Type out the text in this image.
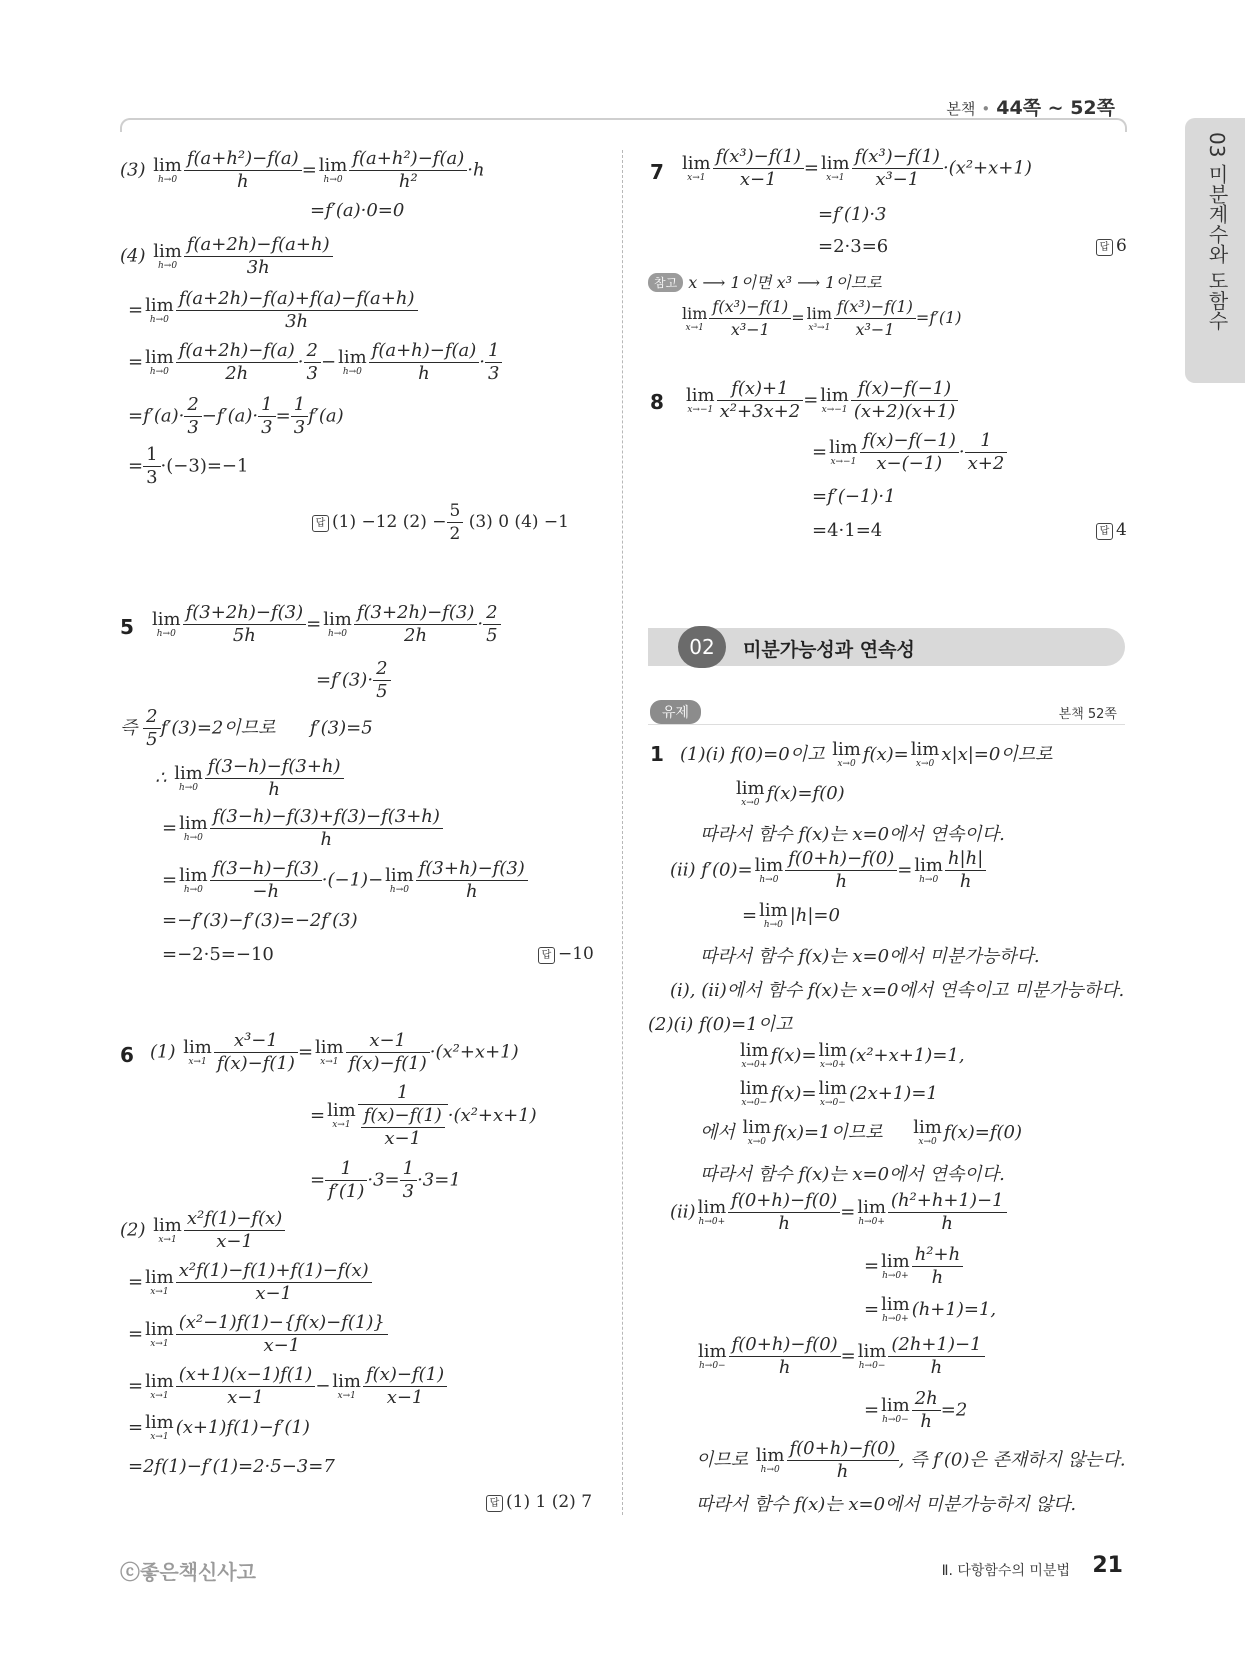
본책 • 44쪽 ~ 52쪽
03 미분계수와 도함수
(3) lim
$h\to 0 \frac{\text{f(a+h²)−f(a)}}{h} = \lim$
$h\to 0 \frac{\text{f(a+h²)−f(a)}}{\text{h²}} \cdot h$
=f′(a)·0=0
(4) lim
$h\to 0 \frac{f(a+2h)-f(a+h)}{3h}$
= lim
$h\to 0 \frac{f(a+2h)-f(a)+f(a)-f(a+h)}{3h}$
= lim
$h\to 0 \frac{f(a+2h)-f(a)}{2h} \cdot \frac{2}{3} - \lim$
$h\to 0 \frac{f(a+h)-f(a)}{h} \cdot \frac{1}{3}$
$=f'(a)\cdot \frac{2}{3} -f'(a)\cdot \frac{1}{3} = \frac{1}{3} f'(a)$
= $\frac{1}{3} \cdot(-3)=-1$
답 (1) −12 $(2) - \frac{5}{2} (3)$ 0 (4) −1
5 lim
$h\to 0 \frac{f(3+2h)-f(3)}{5h} = \lim$
$h\to 0 \frac{f(3+2h)-f(3)}{2h} \cdot \frac{2}{5}$
$=f'(3)\cdot \frac{2}{5}$
즉 $\frac{2}{5} f'(3)=2$이므로 f′(3)=5
∴ lim
$h\to 0 \frac{f(3-h)-f(3+h)}{h}$
= lim
$h\to 0 \frac{f(3-h)-f(3)+f(3)-f(3+h)}{h}$
= lim
$h\to 0 \frac{f(3-h)-f(3)}{-h} \cdot(-1)- \lim$
$h\to 0 \frac{f(3+h)-f(3)}{h}$
=−f′(3)−f′(3)=−2f′(3)
=−2·5=−10	답 −10
6 (1) lim
$x\to 1 \frac{\text{x³−1}}{f(x)-f(1)} = \lim$
$x\to 1 \frac{x-1}{f(x)-f(1)} \cdot(x^2+x+1)$
= lim
$x\to 1 \frac{1}{\frac{f(x)-f(1)}{x-1}} \cdot(x^2+x+1)$
= $\frac{1}{f'(1)} \cdot 3= \frac{1}{3} \cdot 3=1$
(2) lim
$x\to 1 \frac{\text{x²f(1)−f(x)}}{x-1}$
= lim
$x\to 1 \frac{\text{x²f(1)−f(1)+f(1)−f(x)}}{x-1}$
= lim
$x\to 1 \frac{\text{(x²−1)f(1)−\{f(x)−f(1)\}}}{x-1}$
= lim
$x\to 1 \frac{(x+1)(x-1)f(1)}{x-1} - \lim$
$x\to 1 \frac{f(x)-f(1)}{x-1}$
= lim
x→1 (x+1)f(1)−f′(1)
=2f(1)−f′(1)=2·5−3=7
답 (1) 1 (2) 7
7 lim
$x\to 1 \frac{\text{f(x³)−f(1)}}{x-1} = \lim$
$x\to 1 \frac{\text{f(x³)−f(1)}}{\text{x³−1}} \cdot(x^2+x+1)$
=f′(1)·3
=2·3=6	답 6
참고 x ⟶ 1이면 x³ ⟶ 1이므로
lim
$x\to 1 \frac{\text{f(x³)−f(1)}}{\text{x³−1}} = \lim$
$x^3\to 1 \frac{\text{f(x³)−f(1)}}{\text{x³−1}} =f'(1)$
8 lim
$x\to-1 \frac{f(x)+1}{\text{x²+3x+2}} = \lim$
$x\to-1 \frac{f(x)-f(-1)}{(x+2)(x+1)}$
= lim
$x\to-1 \frac{f(x)-f(-1)}{x-(-1)} \cdot \frac{1}{x+2}$
=f′(−1)·1
=4·1=4	답 4
02	미분가능성과 연속성
유제	본책 52쪽
1 (1)(ⅰ) f(0)=0이고 lim
x→0 f(x)= lim
x→0 x|x|=0이므로
lim
x→0 f(x)=f(0)
따라서 함수 f(x)는 x=0에서 연속이다.
(ⅱ) f′(0)= lim
$h\to 0 \frac{f(0+h)-f(0)}{h} = \lim$
$h\to 0 \frac{h|h|}{h}$
= lim
h→0 |h|=0
따라서 함수 f(x)는 x=0에서 미분가능하다.
(ⅰ), (ⅱ)에서 함수 f(x)는 x=0에서 연속이고 미분가능하다.
(2)(ⅰ) f(0)=1이고
lim
x→0+ f(x)= lim
x→0+ (x²+x+1)=1,
lim
x→0− f(x)= lim
x→0− (2x+1)=1
에서 lim
x→0 f(x)=1이므로 lim
x→0 f(x)=f(0)
따라서 함수 f(x)는 x=0에서 연속이다.
(ⅱ) lim
$h\to 0+ \frac{f(0+h)-f(0)}{h} = \lim$
$h\to 0+ \frac{\text{(h²+h+1)−1}}{h}$
= lim
$h\to 0+ \frac{\text{h²+h}}{h}$
= lim
h→0+ (h+1)=1,
lim
$h\to 0- \frac{f(0+h)-f(0)}{h} = \lim$
$h\to 0- \frac{(2h+1)-1}{h}$
= lim
$h\to 0- \frac{2h}{h} =2$
이므로 lim
$h\to 0 \frac{f(0+h)-f(0)}{h}$ , 즉 f′(0)은 존재하지 않는다.
따라서 함수 f(x)는 x=0에서 미분가능하지 않다.
ⓒ좋은책신사고	Ⅱ. 다항함수의 미분법 21
